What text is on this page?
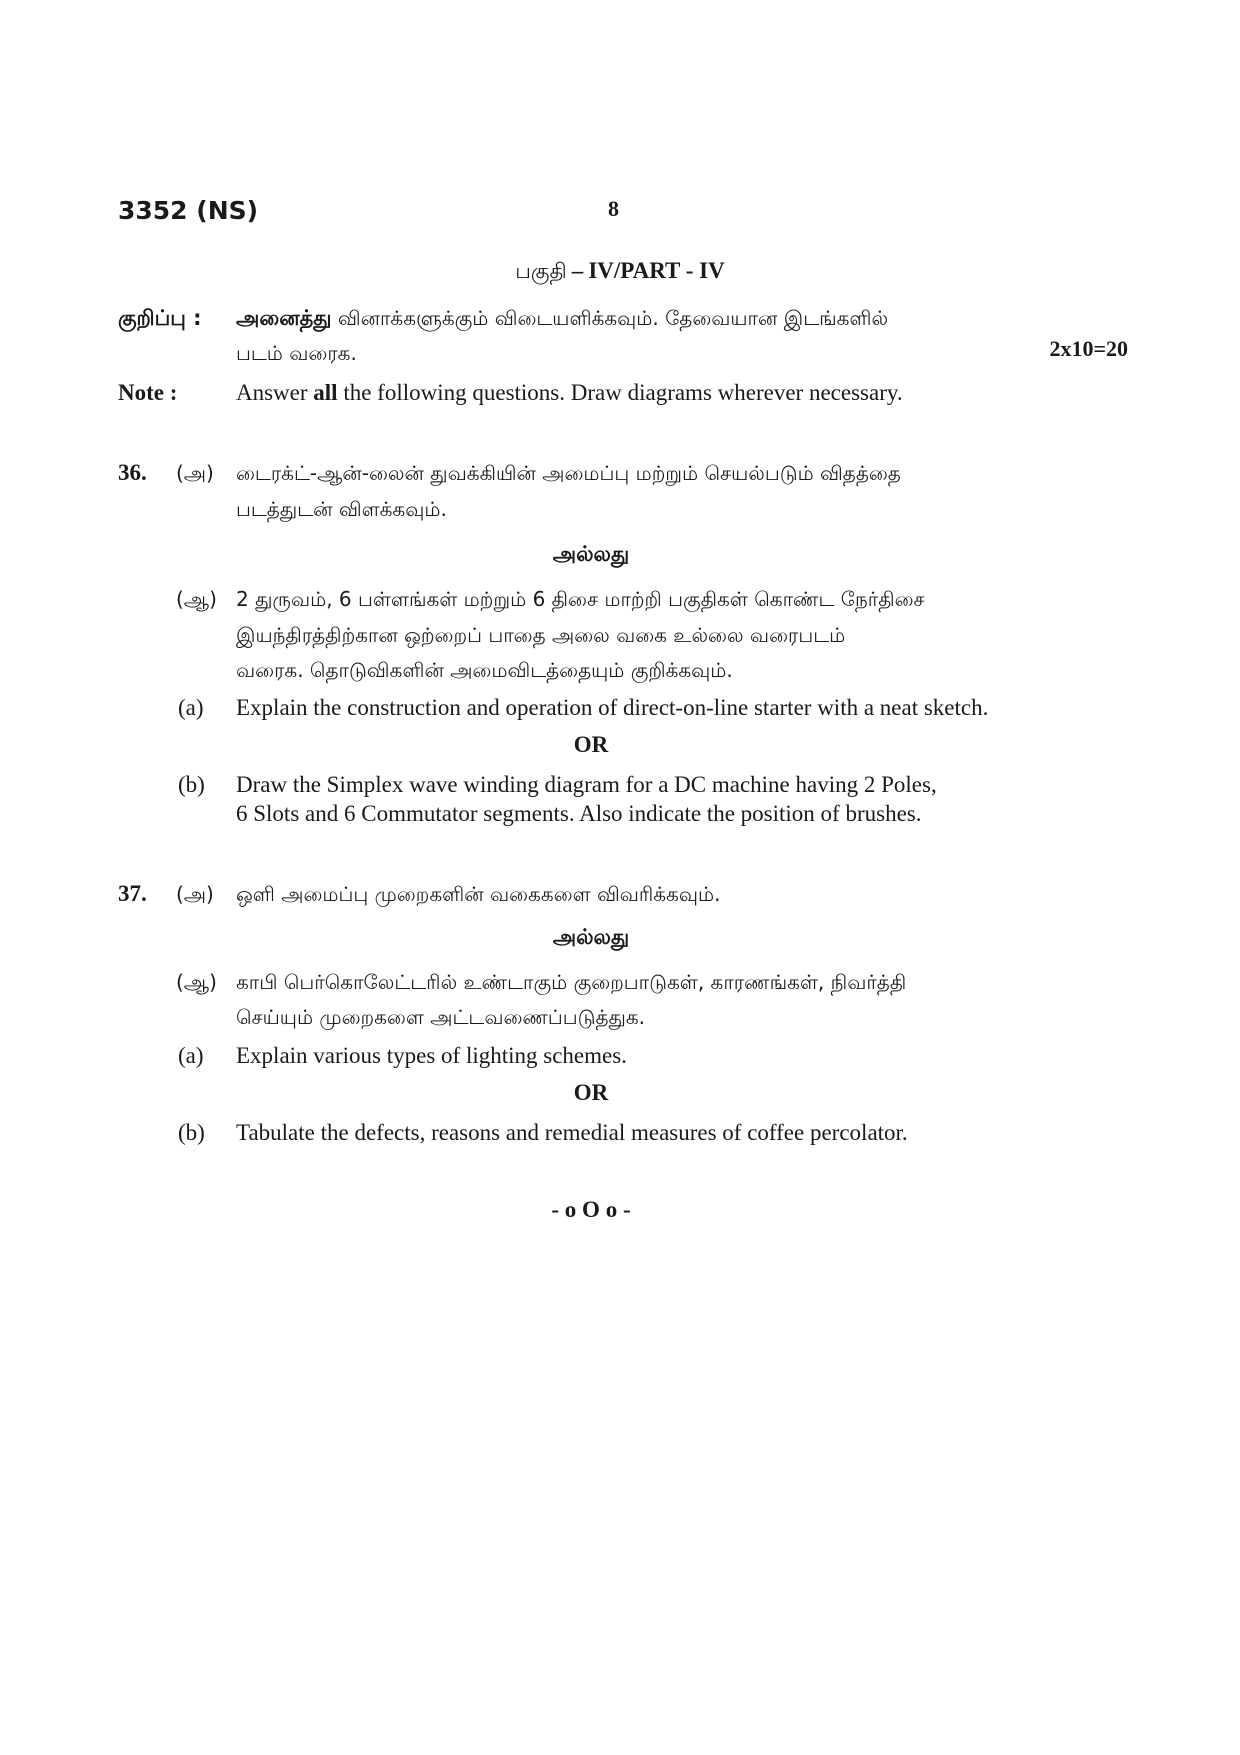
3352 (NS)	8
பகுதி – IV/PART - IV
குறிப்பு : அனைத்து வினாக்களுக்கும் விடையளிக்கவும். தேவையான இடங்களில்
படம் வரைக.	2x10=20
Note :	Answer all the following questions. Draw diagrams wherever necessary.
36. (அ) டைரக்ட்-ஆன்-லைன் துவக்கியின் அமைப்பு மற்றும் செயல்படும் விதத்தை
படத்துடன் விளக்கவும்.
அல்லது
(ஆ) 2 துருவம், 6 பள்ளங்கள் மற்றும் 6 திசை மாற்றி பகுதிகள் கொண்ட நேர்திசை
இயந்திரத்திற்கான ஒற்றைப் பாதை அலை வகை உல்லை வரைபடம்
வரைக. தொடுவிகளின் அமைவிடத்தையும் குறிக்கவும்.
(a) Explain the construction and operation of direct-on-line starter with a neat sketch.
OR
(b) Draw the Simplex wave winding diagram for a DC machine having 2 Poles,
6 Slots and 6 Commutator segments. Also indicate the position of brushes.
37. (அ) ஒளி அமைப்பு முறைகளின் வகைகளை விவரிக்கவும்.
அல்லது
(ஆ) காபி பெர்கொலேட்டரில் உண்டாகும் குறைபாடுகள், காரணங்கள், நிவர்த்தி
செய்யும் முறைகளை அட்டவணைப்படுத்துக.
(a) Explain various types of lighting schemes.
OR
(b) Tabulate the defects, reasons and remedial measures of coffee percolator.
- o O o -
